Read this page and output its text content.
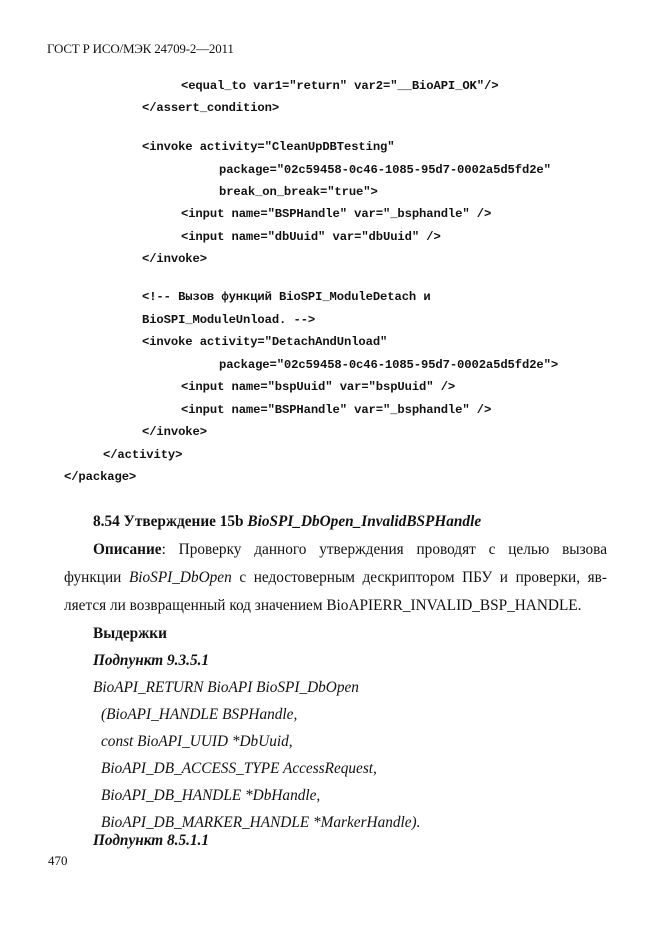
ГОСТ Р ИСО/МЭК 24709-2—2011
<equal_to var1="return" var2="__BioAPI_OK"/>
</assert_condition>
<invoke activity="CleanUpDBTesting"
package="02c59458-0c46-1085-95d7-0002a5d5fd2e"
break_on_break="true">
<input name="BSPHandle" var="_bsphandle" />
<input name="dbUuid" var="dbUuid" />
</invoke>
<!-- Вызов функций BioSPI_ModuleDetach и
BioSPI_ModuleUnload. -->
<invoke activity="DetachAndUnload"
package="02c59458-0c46-1085-95d7-0002a5d5fd2e">
<input name="bspUuid" var="bspUuid" />
<input name="BSPHandle" var="_bsphandle" />
</invoke>
</activity>
</package>
8.54 Утверждение 15b BioSPI_DbOpen_InvalidBSPHandle
Описание: Проверку данного утверждения проводят с целью вызова
функции BioSPI_DbOpen с недостоверным дескриптором ПБУ и проверки, яв-
ляется ли возвращенный код значением BioAPIERR_INVALID_BSP_HANDLE.
Выдержки
Подпункт 9.3.5.1
BioAPI_RETURN BioAPI BioSPI_DbOpen
(BioAPI_HANDLE BSPHandle,
const BioAPI_UUID *DbUuid,
BioAPI_DB_ACCESS_TYPE AccessRequest,
BioAPI_DB_HANDLE *DbHandle,
BioAPI_DB_MARKER_HANDLE *MarkerHandle).
Подпункт 8.5.1.1
470
